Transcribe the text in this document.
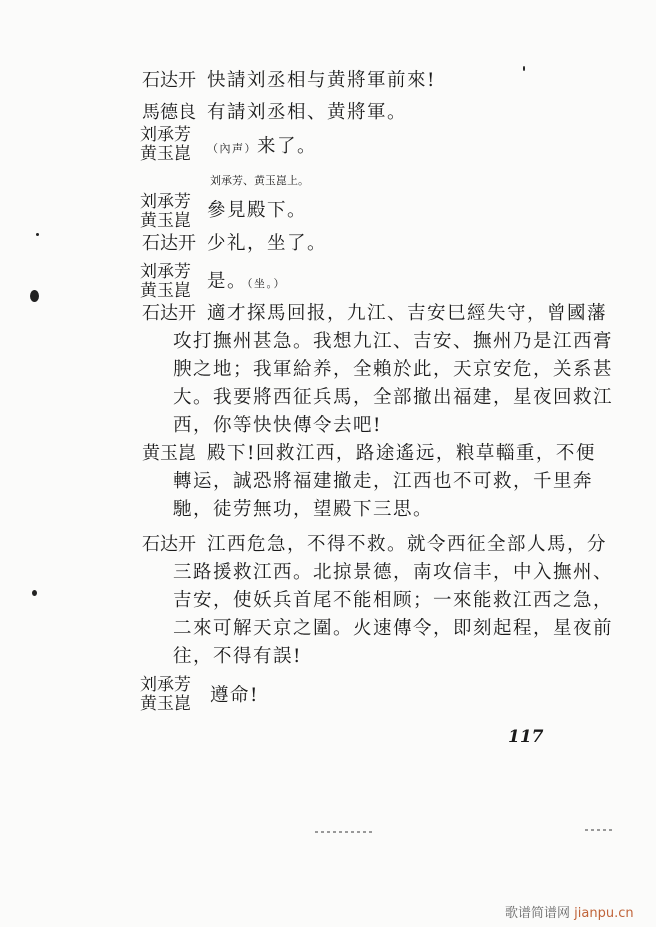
石达开 快請刘丞相与黄將軍前來!
馬德良 有請刘丞相、黄將軍。
刘承芳
黄玉崑 （內声）来了。
刘承芳、黄玉崑上。
刘承芳
黄玉崑 參見殿下。
石达开 少礼，坐了。
刘承芳
黄玉崑 是。（坐。）
石达开 適才探馬回报，九江、吉安巳經失守，曾國藩
攻打撫州甚急。我想九江、吉安、撫州乃是江西膏
腴之地；我軍給养，全賴於此，天京安危，关系甚
大。我要將西征兵馬，全部撤出福建，星夜回救江
西，你等快快傳令去吧!
黄玉崑 殿下!回救江西，路途遙远，粮草輜重，不便
轉运，誠恐將福建撤走，江西也不可救，千里奔
馳，徒劳無功，望殿下三思。
石达开 江西危急，不得不救。就令西征全部人馬，分
三路援救江西。北掠景德，南攻信丰，中入撫州、
吉安，使妖兵首尾不能相顾；一來能救江西之急，
二來可解天京之圍。火速傳令，即刻起程，星夜前
往，不得有誤!
刘承芳
黄玉崑 遵命!
117
歌谱简谱网 jianpu.cn
